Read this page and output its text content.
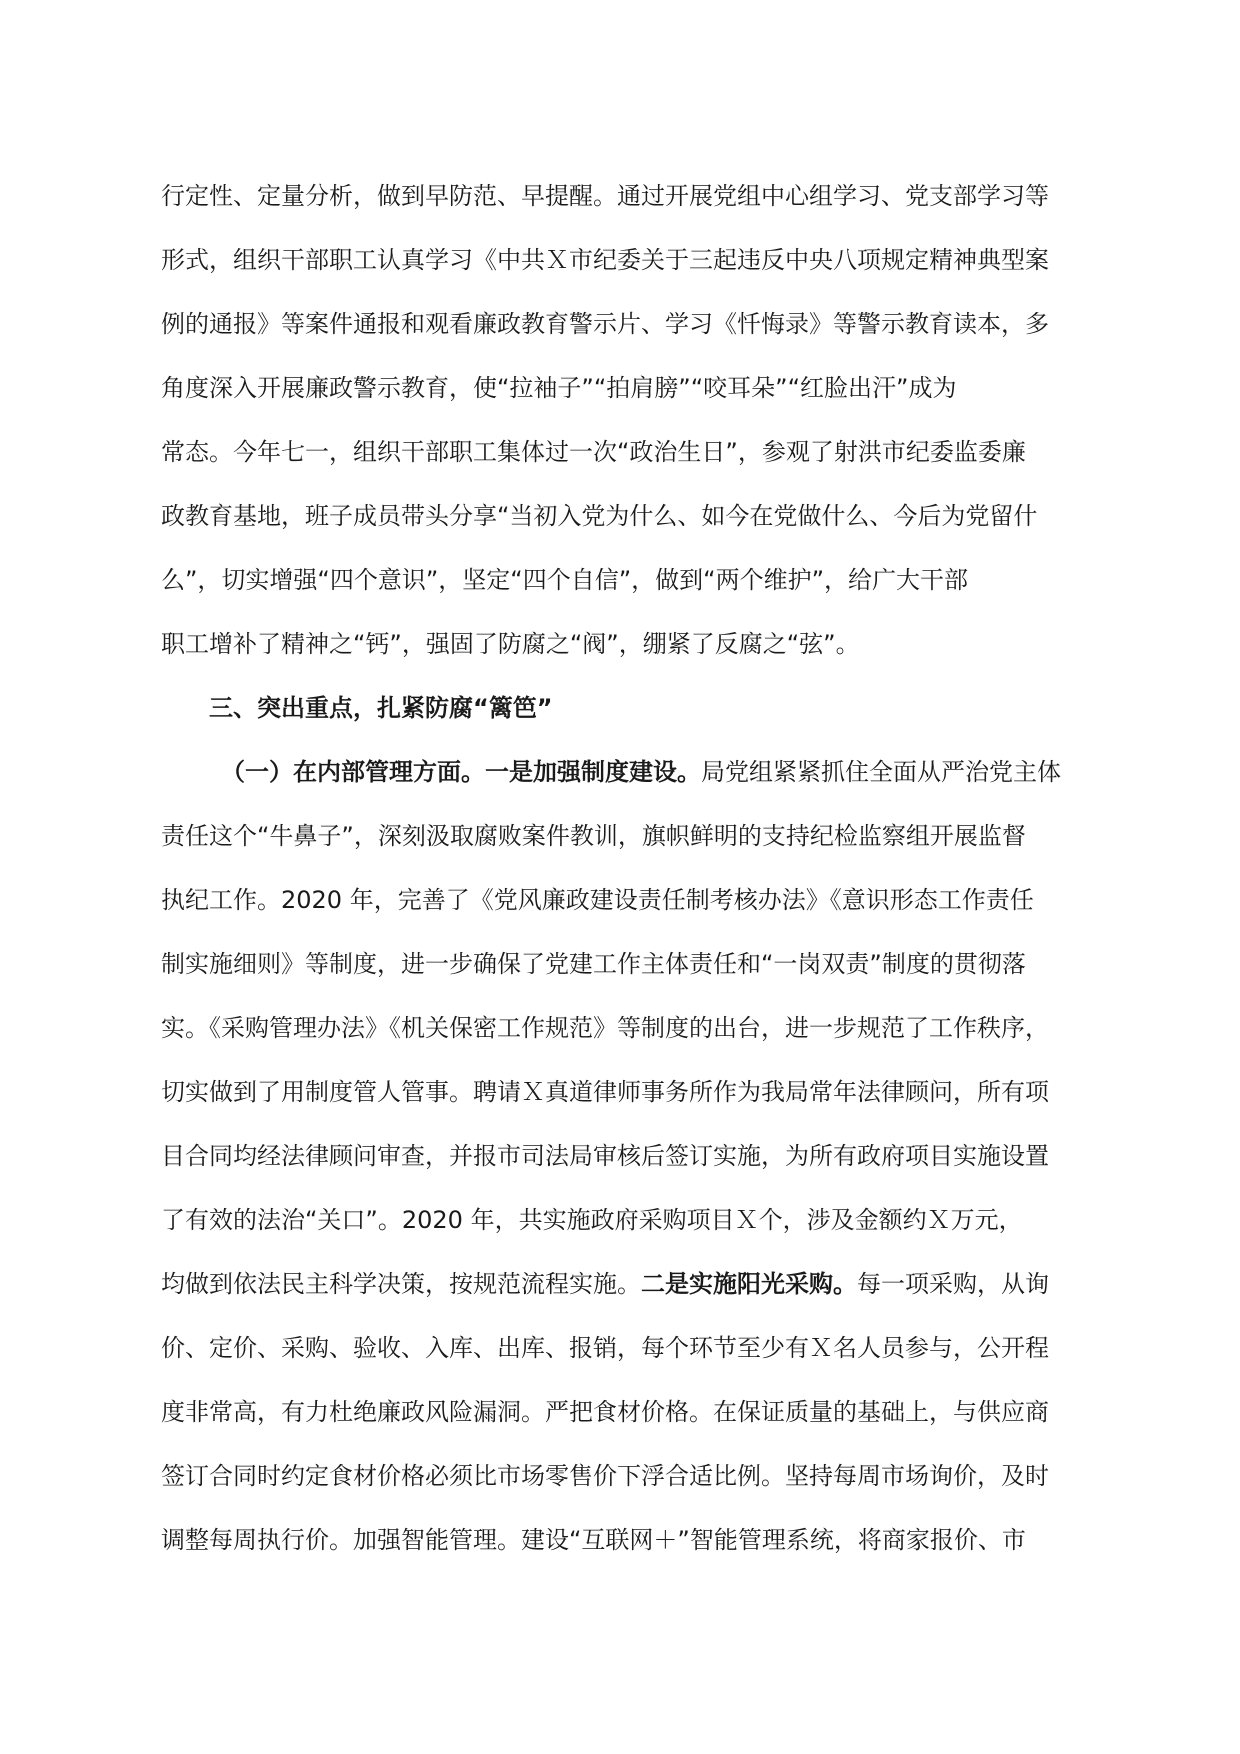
行定性、定量分析，做到早防范、早提醒。通过开展党组中心组学习、党支部学习等
形式，组织干部职工认真学习《中共Ｘ市纪委关于三起违反中央八项规定精神典型案
例的通报》等案件通报和观看廉政教育警示片、学习《忏悔录》等警示教育读本，多
角度深入开展廉政警示教育，使“拉袖子”“拍肩膀”“咬耳朵”“红脸出汗”成为
常态。今年七一，组织干部职工集体过一次“政治生日”，参观了射洪市纪委监委廉
政教育基地，班子成员带头分享“当初入党为什么、如今在党做什么、今后为党留什
么”，切实增强“四个意识”，坚定“四个自信”，做到“两个维护”，给广大干部
职工增补了精神之“钙”，强固了防腐之“阀”，绷紧了反腐之“弦”。
三、突出重点，扎紧防腐“篱笆”
（一）在内部管理方面。一是加强制度建设。局党组紧紧抓住全面从严治党主体
责任这个“牛鼻子”，深刻汲取腐败案件教训，旗帜鲜明的支持纪检监察组开展监督
执纪工作。2020 年，完善了《党风廉政建设责任制考核办法》《意识形态工作责任
制实施细则》等制度，进一步确保了党建工作主体责任和“一岗双责”制度的贯彻落
实。《采购管理办法》《机关保密工作规范》等制度的出台，进一步规范了工作秩序，
切实做到了用制度管人管事。聘请Ｘ真道律师事务所作为我局常年法律顾问，所有项
目合同均经法律顾问审查，并报市司法局审核后签订实施，为所有政府项目实施设置
了有效的法治“关口”。2020 年，共实施政府采购项目Ｘ个，涉及金额约Ｘ万元，
均做到依法民主科学决策，按规范流程实施。二是实施阳光采购。每一项采购，从询
价、定价、采购、验收、入库、出库、报销，每个环节至少有Ｘ名人员参与，公开程
度非常高，有力杜绝廉政风险漏洞。严把食材价格。在保证质量的基础上，与供应商
签订合同时约定食材价格必须比市场零售价下浮合适比例。坚持每周市场询价，及时
调整每周执行价。加强智能管理。建设“互联网＋”智能管理系统，将商家报价、市
